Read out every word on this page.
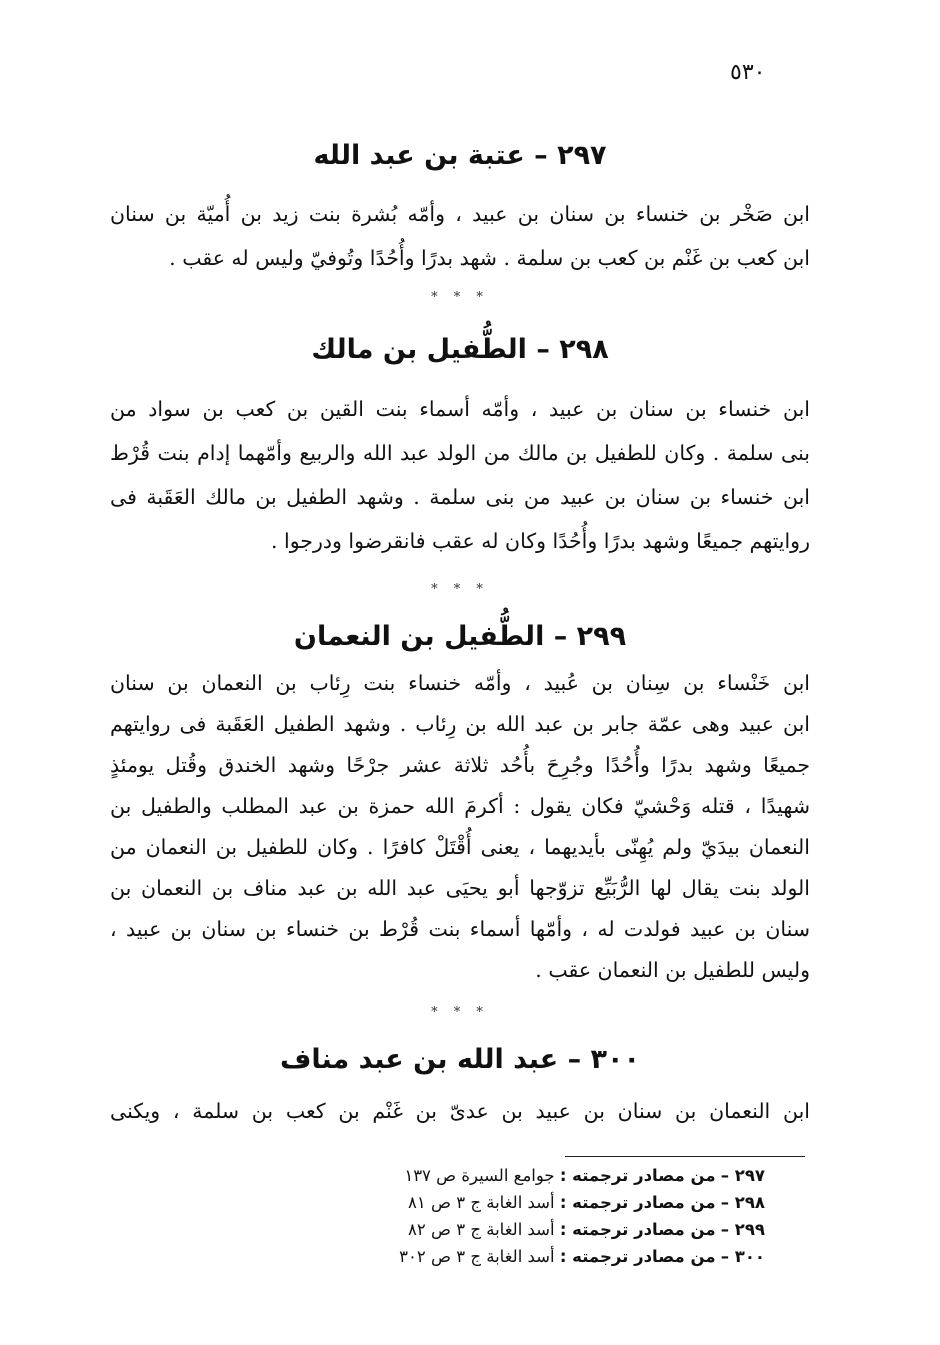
٥٣٠
٢٩٧ – عتبة بن عبد الله
ابن صَخْر بن خنساء بن سنان بن عبيد ، وأمّه بُشرة بنت زيد بن أُميّة بن سنان
ابن كعب بن غَنْم بن كعب بن سلمة . شهد بدرًا وأُحُدًا وتُوفيّ وليس له عقب .
* * *
٢٩٨ – الطُّفيل بن مالك
ابن خنساء بن سنان بن عبيد ، وأمّه أسماء بنت القين بن كعب بن سواد من
بنى سلمة . وكان للطفيل بن مالك من الولد عبد الله والربيع وأمّهما إدام بنت قُرْط
ابن خنساء بن سنان بن عبيد من بنى سلمة . وشهد الطفيل بن مالك العَقَبة فى
روايتهم جميعًا وشهد بدرًا وأُحُدًا وكان له عقب فانقرضوا ودرجوا .
* * *
٢٩٩ – الطُّفيل بن النعمان
ابن خَنْساء بن سِنان بن عُبيد ، وأمّه خنساء بنت رِئاب بن النعمان بن سنان
ابن عبيد وهى عمّة جابر بن عبد الله بن رِئاب . وشهد الطفيل العَقَبة فى روايتهم
جميعًا وشهد بدرًا وأُحُدًا وجُرِحَ بأُحُد ثلاثة عشر جرْحًا وشهد الخندق وقُتل يومئذٍ
شهيدًا ، قتله وَحْشيّ فكان يقول : أكرمَ الله حمزة بن عبد المطلب والطفيل بن
النعمان بيدَيّ ولم يُهِنّى بأيديهما ، يعنى أُقْتَلْ كافرًا . وكان للطفيل بن النعمان من
الولد بنت يقال لها الرُّبَيِّع تزوّجها أبو يحيَى عبد الله بن عبد مناف بن النعمان بن
سنان بن عبيد فولدت له ، وأمّها أسماء بنت قُرْط بن خنساء بن سنان بن عبيد ،
وليس للطفيل بن النعمان عقب .
* * *
٣٠٠ – عبد الله بن عبد مناف
ابن النعمان بن سنان بن عبيد بن عدىّ بن غَنْم بن كعب بن سلمة ، ويكنى
٢٩٧ – من مصادر ترجمته : جوامع السيرة ص ١٣٧
٢٩٨ – من مصادر ترجمته : أسد الغابة ج ٣ ص ٨١
٢٩٩ – من مصادر ترجمته : أسد الغابة ج ٣ ص ٨٢
٣٠٠ – من مصادر ترجمته : أسد الغابة ج ٣ ص ٣٠٢
